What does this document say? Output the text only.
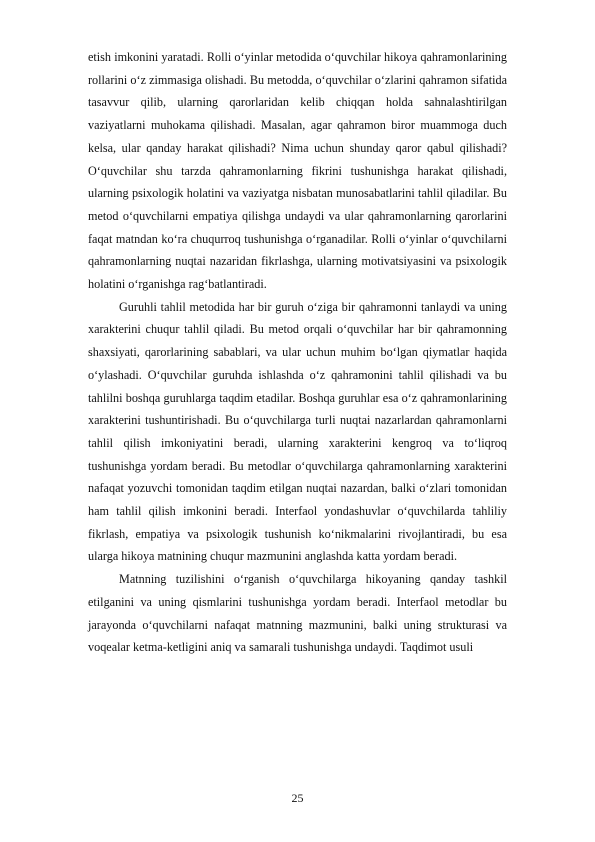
etish imkonini yaratadi. Rolli o‘yinlar metodida o‘quvchilar hikoya qahramonlarining rollarini o‘z zimmasiga olishadi. Bu metodda, o‘quvchilar o‘zlarini qahramon sifatida tasavvur qilib, ularning qarorlaridan kelib chiqqan holda sahnalashtirilgan vaziyatlarni muhokama qilishadi. Masalan, agar qahramon biror muammoga duch kelsa, ular qanday harakat qilishadi? Nima uchun shunday qaror qabul qilishadi? O‘quvchilar shu tarzda qahramonlarning fikrini tushunishga harakat qilishadi, ularning psixologik holatini va vaziyatga nisbatan munosabatlarini tahlil qiladilar. Bu metod o‘quvchilarni empatiya qilishga undaydi va ular qahramonlarning qarorlarini faqat matndan ko‘ra chuqurroq tushunishga o‘rganadilar. Rolli o‘yinlar o‘quvchilarni qahramonlarning nuqtai nazaridan fikrlashga, ularning motivatsiyasini va psixologik holatini o‘rganishga rag‘batlantiradi.

Guruhli tahlil metodida har bir guruh o‘ziga bir qahramonni tanlaydi va uning xarakterini chuqur tahlil qiladi. Bu metod orqali o‘quvchilar har bir qahramonning shaxsiyati, qarorlarining sabablari, va ular uchun muhim bo‘lgan qiymatlar haqida o‘ylashadi. O‘quvchilar guruhda ishlashda o‘z qahramonini tahlil qilishadi va bu tahlilni boshqa guruhlarga taqdim etadilar. Boshqa guruhlar esa o‘z qahramonlarining xarakterini tushuntirishadi. Bu o‘quvchilarga turli nuqtai nazarlardan qahramonlarni tahlil qilish imkoniyatini beradi, ularning xarakterini kengroq va to‘liqroq tushunishga yordam beradi. Bu metodlar o‘quvchilarga qahramonlarning xarakterini nafaqat yozuvchi tomonidan taqdim etilgan nuqtai nazardan, balki o‘zlari tomonidan ham tahlil qilish imkonini beradi. Interfaol yondashuvlar o‘quvchilarda tahliliy fikrlash, empatiya va psixologik tushunish ko‘nikmalarini rivojlantiradi, bu esa ularga hikoya matnining chuqur mazmunini anglashda katta yordam beradi.

Matnning tuzilishini o‘rganish o‘quvchilarga hikoyaning qanday tashkil etilganini va uning qismlarini tushunishga yordam beradi. Interfaol metodlar bu jarayonda o‘quvchilarni nafaqat matnning mazmunini, balki uning strukturasi va voqealar ketma-ketligini aniq va samarali tushunishga undaydi. Taqdimot usuli

25
